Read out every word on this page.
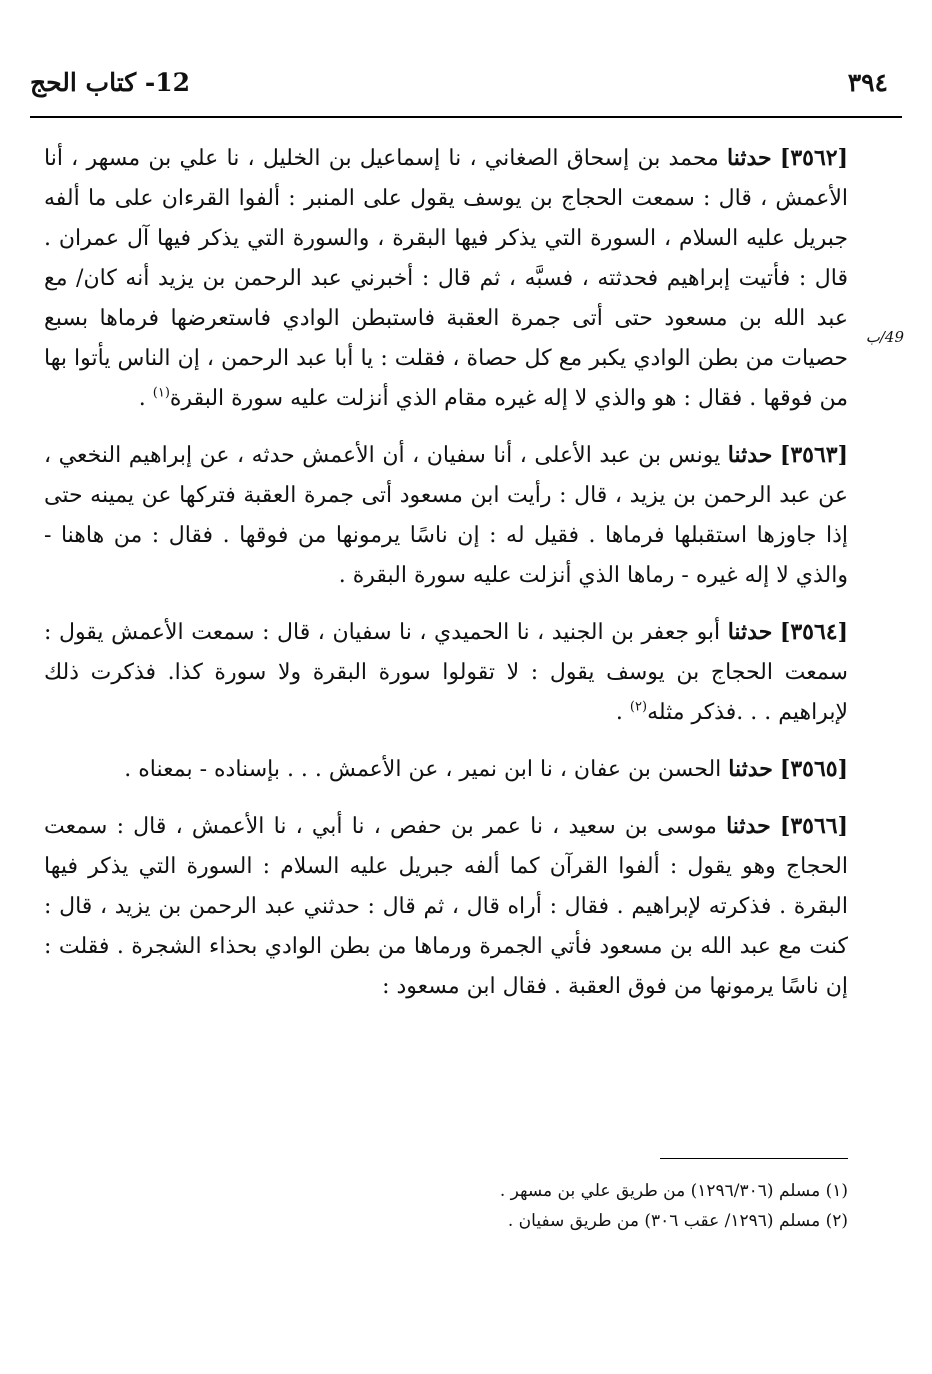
٣٩٤
12- كتاب الحج
49/ب

[٣٥٦٢] حدثنا محمد بن إسحاق الصغاني ، نا إسماعيل بن الخليل ، نا علي بن مسهر ، أنا الأعمش ، قال : سمعت الحجاج بن يوسف يقول على المنبر : ألفوا القرءان على ما ألفه جبريل عليه السلام ، السورة التي يذكر فيها البقرة ، والسورة التي يذكر فيها آل عمران . قال : فأتيت إبراهيم فحدثته ، فسبَّه ، ثم قال : أخبرني عبد الرحمن بن يزيد أنه كان/ مع عبد الله بن مسعود حتى أتى جمرة العقبة فاستبطن الوادي فاستعرضها فرماها بسبع حصيات من بطن الوادي يكبر مع كل حصاة ، فقلت : يا أبا عبد الرحمن ، إن الناس يأتوا بها من فوقها . فقال : هو والذي لا إله غيره مقام الذي أنزلت عليه سورة البقرة$^{(١)}$ .

[٣٥٦٣] حدثنا يونس بن عبد الأعلى ، أنا سفيان ، أن الأعمش حدثه ، عن إبراهيم النخعي ، عن عبد الرحمن بن يزيد ، قال : رأيت ابن مسعود أتى جمرة العقبة فتركها عن يمينه حتى إذا جاوزها استقبلها فرماها . فقيل له : إن ناسًا يرمونها من فوقها . فقال : من هاهنا - والذي لا إله غيره - رماها الذي أنزلت عليه سورة البقرة .

[٣٥٦٤] حدثنا أبو جعفر بن الجنيد ، نا الحميدي ، نا سفيان ، قال : سمعت الأعمش يقول : سمعت الحجاج بن يوسف يقول : لا تقولوا سورة البقرة ولا سورة كذا. فذكرت ذلك لإبراهيم . . .فذكر مثله$^{(٢)}$ .

[٣٥٦٥] حدثنا الحسن بن عفان ، نا ابن نمير ، عن الأعمش . . . بإسناده - بمعناه .

[٣٥٦٦] حدثنا موسى بن سعيد ، نا عمر بن حفص ، نا أبي ، نا الأعمش ، قال : سمعت الحجاج وهو يقول : ألفوا القرآن كما ألفه جبريل عليه السلام : السورة التي يذكر فيها البقرة . فذكرته لإبراهيم . فقال : أراه قال ، ثم قال : حدثني عبد الرحمن بن يزيد ، قال : كنت مع عبد الله بن مسعود فأتي الجمرة ورماها من بطن الوادي بحذاء الشجرة . فقلت : إن ناسًا يرمونها من فوق العقبة . فقال ابن مسعود :

(١) مسلم (١٢٩٦/٣٠٦) من طريق علي بن مسهر .

(٢) مسلم (١٢٩٦/ عقب ٣٠٦) من طريق سفيان .
